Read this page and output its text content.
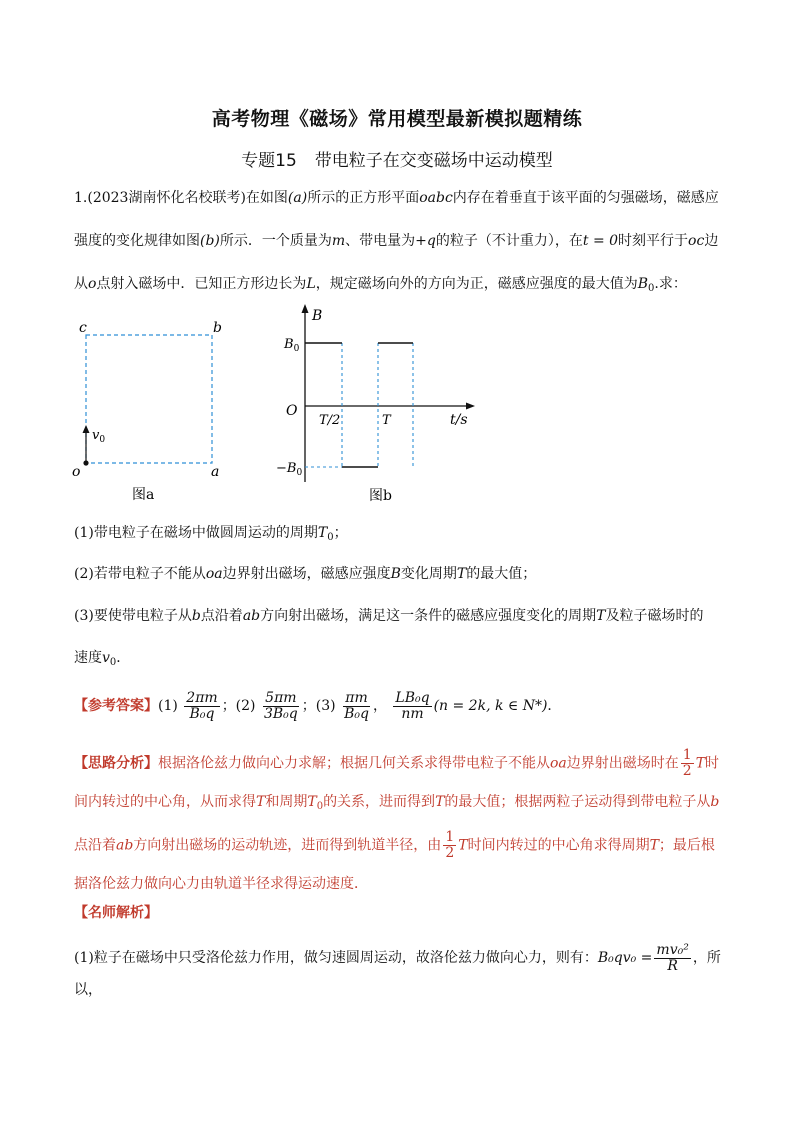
高考物理《磁场》常用模型最新模拟题精练
专题15 带电粒子在交变磁场中运动模型
1.(2023湖南怀化名校联考)在如图(a)所示的正方形平面oabc内存在着垂直于该平面的匀强磁场，磁感应
强度的变化规律如图(b)所示．一个质量为m、带电量为+q的粒子（不计重力），在t = 0时刻平行于oc边
从o点射入磁场中．已知正方形边长为L，规定磁场向外的方向为正，磁感应强度的最大值为$B_0$.求：
c	b
o	a
$v_0$
图a
B
$B_0$
O
T/2	T	t/s
$-B_0$
图b
(1)带电粒子在磁场中做圆周运动的周期$T_0$；
(2)若带电粒子不能从oa边界射出磁场，磁感应强度B变化周期T的最大值；
(3)要使带电粒子从b点沿着ab方向射出磁场，满足这一条件的磁感应强度变化的周期T及粒子磁场时的
速度$v_0$．
【参考答案】$(1) \frac{2\pi m}{\text{B₀q}}$ ；$(2) \frac{5\pi m}{\text{3B₀q}}$ ；$(3) \frac{\pi m}{\text{B₀q}}$ ， $\frac{\text{LB₀q}}{nm} (n = 2k$, k ∈ N*)．
【思路分析】根据洛伦兹力做向心力求解；根据几何关系求得带电粒子不能从oa边界射出磁场时在 $\frac{1}{2}$ T时
间内转过的中心角，从而求得T和周期$T_0$的关系，进而得到T的最大值；根据两粒子运动得到带电粒子从b
点沿着ab方向射出磁场的运动轨迹，进而得到轨道半径，由 $\frac{1}{2}$ T时间内转过的中心角求得周期T；最后根
据洛伦兹力做向心力由轨道半径求得运动速度．
【名师解析】
(1)粒子在磁场中只受洛伦兹力作用，做匀速圆周运动，故洛伦兹力做向心力，则有：$B_0qv_0 = \frac{\text{mv₀²}}{R}$ ，所以，
